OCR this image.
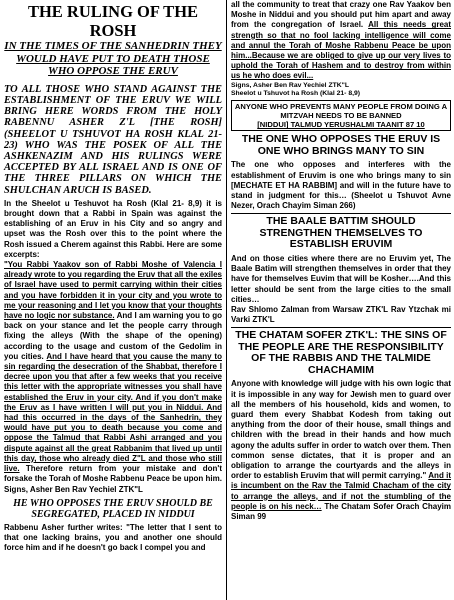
THE RULING OF THE ROSH
IN THE TIMES OF THE SANHEDRIN THEY WOULD HAVE PUT TO DEATH THOSE WHO OPPOSE THE ERUV

TO ALL THOSE WHO STAND AGAINST THE ESTABLISHMENT OF THE ERUV WE WILL BRING HERE WORDS FROM THE HOLY RABENNU ASHER Z'L [THE ROSH] (SHEELOT U TSHUVOT HA ROSH KLAL 21-23) WHO WAS THE POSEK OF ALL THE ASHKENAZIM AND HIS RULINGS WERE ACCEPTED BY ALL ISRAEL AND IS ONE OF THE THREE PILLARS ON WHICH THE SHULCHAN ARUCH IS BASED.

In the Sheelot u Teshuvot ha Rosh (Klal 21- 8,9) it is brought down that a Rabbi in Spain was against the establishing of an Eruv in his City and so angry and upset was the Rosh over this to the point where the Rosh issued a Cherem against this Rabbi. Here are some excerpts:

"You Rabbi Yaakov son of Rabbi Moshe of Valencia I already wrote to you regarding the Eruv that all the exiles of Israel have used to permit carrying within their cities and you have forbidden it in your city and you wrote to me your reasoning and I let you know that your thoughts have no logic nor substance. And I am warning you to go back on your stance and let the people carry through fixing the alleys (With the shape of the opening) according to the usage and custom of the Gedolim in you cities. And I have heard that you cause the many to sin regarding the desecration of the Shabbat, therefore I decree upon you that after a few weeks that you receive this letter with the appropriate witnesses you shall have established the Eruv in your city. And if you don't make the Eruv as I have written I will put you in Niddui. And had this occurred in the days of the Sanhedrin, they would have put you to death because you come and oppose the Talmud that Rabbi Ashi arranged and you dispute against all the great Rabbanim that lived up until this day, those who already died Z"L and those who still live. Therefore return from your mistake and don't forsake the Torah of Moshe Rabbenu Peace be upon him. Signs, Asher Ben Rav Yechiel ZTK"L

HE WHO OPPOSES THE ERUV SHOULD BE SEGREGATED, PLACED IN NIDDUI

Rabbenu Asher further writes: "The letter that I sent to that one lacking brains, you and another one should force him and if he doesn't go back I compel you and

all the community to treat that crazy one Rav Yaakov ben Moshe in Niddui and you should put him apart and away from the congregation of Israel. All this needs great strength so that no fool lacking intelligence will come and annul the Torah of Moshe Rabbenu Peace be upon him...Because we are obliged to give up our very lives to uphold the Torah of Hashem and to destroy from within us he who does evil...

Signs, Asher Ben Rav Yechiel ZTK"L

Sheelot u Tshuvot ha Rosh (Klal 21- 8,9)

ANYONE WHO PREVENTS MANY PEOPLE FROM DOING A MITZVAH NEEDS TO BE BANNED
[NIDDUI] TALMUD YERUSHALMI TAANIT 87 10
THE ONE WHO OPPOSES THE ERUV IS ONE WHO BRINGS MANY TO SIN

The one who opposes and interferes with the establishment of Eruvim is one who brings many to sin [MECHATE ET HA RABBIM] and will in the future have to stand in judgment for this… (Sheelot u Tshuvot Avne Nezer, Orach Chayim Siman 266)

THE BAALE BATTIM SHOULD STRENGTHEN THEMSELVES TO ESTABLISH ERUVIM

And on those cities where there are no Eruvim yet, The Baale Batim will strengthen themselves in order that they have for themselves Euvim that will be Kosher….And this letter should be sent from the large cities to the small cities…

Rav Shlomo Zalman from Warsaw ZTK'L Rav Ytzchak mi Varki ZTK'L

THE CHATAM SOFER ZTK'L: THE SINS OF THE PEOPLE ARE THE RESPONSIBILITY OF THE RABBIS AND THE TALMIDE CHACHAMIM

Anyone with knowledge will judge with his own logic that it is impossible in any way for Jewish men to guard over all the members of his household, kids and women, to guard them every Shabbat Kodesh from taking out anything from the door of their house, small things and children with the bread in their hands and how much agony the adults suffer in order to watch over them. Then common sense dictates, that it is proper and an obligation to arrange the courtyards and the alleys in order to establish Eruvim that will permit carrying." And it is incumbent on the Rav the Talmid Chacham of the city to arrange the alleys, and if not the stumbling of the people is on his neck… The Chatam Sofer Orach Chayim Siman 99
